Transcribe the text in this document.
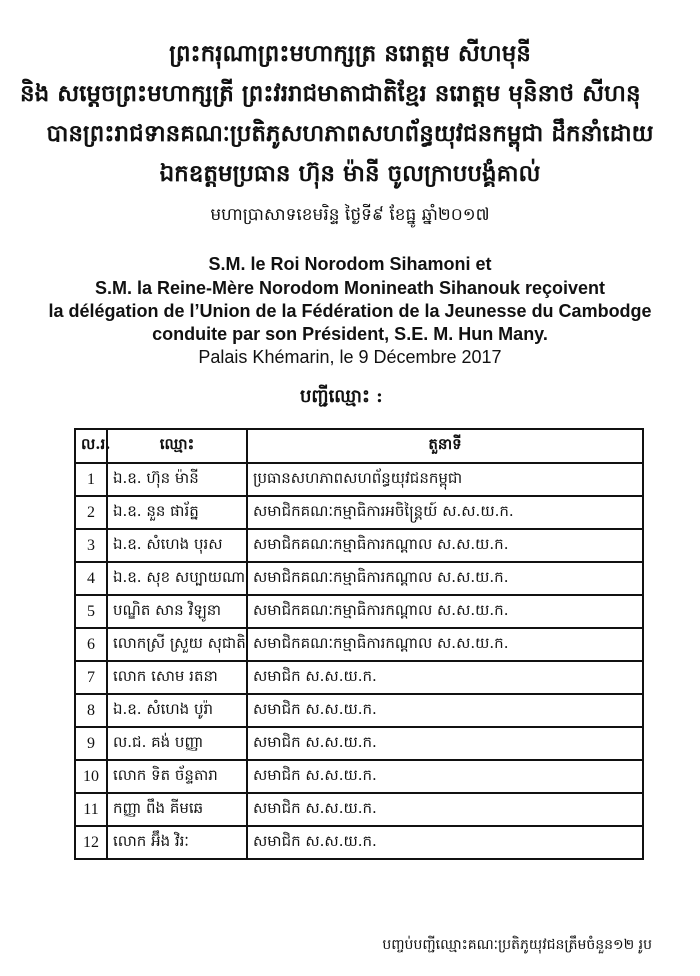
ព្រះករុណាព្រះមហាក្សត្រ នរោត្តម សីហមុនី
និង សម្ដេចព្រះមហាក្សត្រី ព្រះវររាជមាតាជាតិខ្មែរ នរោត្តម មុនិនាថ សីហនុ
បានព្រះរាជទានគណៈប្រតិភូសហភាពសហព័ន្ធយុវជនកម្ពុជា ដឹកនាំដោយ
ឯកឧត្តមប្រធាន ហ៊ុន ម៉ានី ចូលក្រាបបង្គំគាល់
មហាប្រាសាទខេមរិន្ទ ថ្ងៃទី៩ ខែធ្នូ ឆ្នាំ២០១៧
S.M. le Roi Norodom Sihamoni et
S.M. la Reine-Mère Norodom Monineath Sihanouk reçoivent
la délégation de l’Union de la Fédération de la Jeunesse du Cambodge
conduite par son Président, S.E. M. Hun Many.
Palais Khémarin, le 9 Décembre 2017
បញ្ជីឈ្មោះ :
ល.រ.	ឈ្មោះ	តួនាទី
1	ឯ.ឧ. ហ៊ុន ម៉ានី	ប្រធានសហភាពសហព័ន្ធយុវជនកម្ពុជា
2	ឯ.ឧ. នួន ផារ័ត្ន	សមាជិកគណៈកម្មាធិការអចិន្ត្រៃយ៍ ស.ស.យ.ក.
3	ឯ.ឧ. សំហេង បុរស	សមាជិកគណៈកម្មាធិការកណ្ដាល ស.ស.យ.ក.
4	ឯ.ឧ. សុខ សប្បាយណា	សមាជិកគណៈកម្មាធិការកណ្ដាល ស.ស.យ.ក.
5	បណ្ឌិត សាន វិឡូនា	សមាជិកគណៈកម្មាធិការកណ្ដាល ស.ស.យ.ក.
6	លោកស្រី ស្រួយ សុជាតិ	សមាជិកគណៈកម្មាធិការកណ្ដាល ស.ស.យ.ក.
7	លោក សោម រតនា	សមាជិក ស.ស.យ.ក.
8	ឯ.ឧ. សំហេង បូរ៉ា	សមាជិក ស.ស.យ.ក.
9	ល.ជ. គង់ បញ្ញា	សមាជិក ស.ស.យ.ក.
10	លោក ទិត ច័ន្ទតារា	សមាជិក ស.ស.យ.ក.
11	កញ្ញា ពឹង គីមឆេ	សមាជិក ស.ស.យ.ក.
12	លោក អ៊ឹង វិរៈ	សមាជិក ស.ស.យ.ក.
បញ្ចប់បញ្ជីឈ្មោះគណៈប្រតិភូយុវជនត្រឹមចំនួន១២ រូប
